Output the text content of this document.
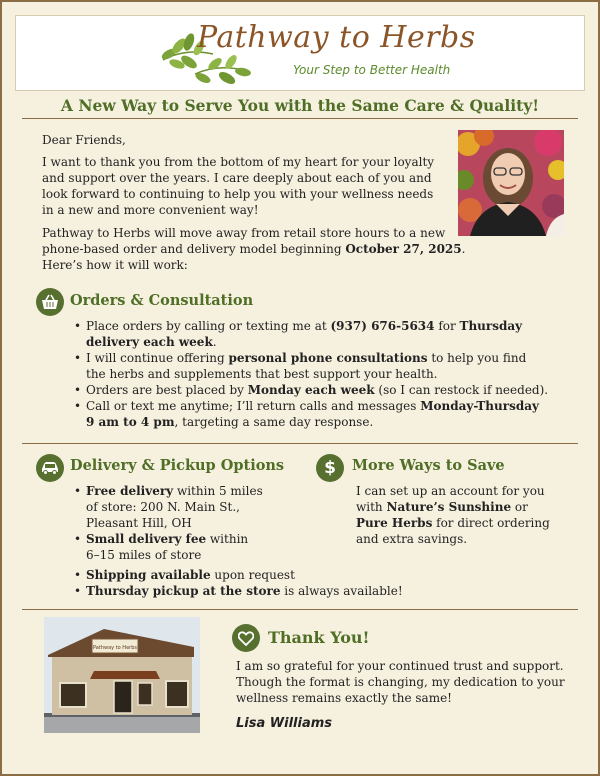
Pathway to Herbs
Your Step to Better Health
A New Way to Serve You with the Same Care & Quality!
Dear Friends,
I want to thank you from the bottom of my heart for your loyalty
and support over the years. I care deeply about each of you and
look forward to continuing to help you with your wellness needs
in a new and more convenient way!
Pathway to Herbs will move away from retail store hours to a new
phone-based order and delivery model beginning October 27, 2025.
Here’s how it will work:
Orders & Consultation
• Place orders by calling or texting me at (937) 676-5634 for Thursday
delivery each week.
• I will continue offering personal phone consultations to help you find
the herbs and supplements that best support your health.
• Orders are best placed by Monday each week (so I can restock if needed).
• Call or text me anytime; I’ll return calls and messages Monday-Thursday
9 am to 4 pm, targeting a same day response.
Delivery & Pickup Options
• Free delivery within 5 miles
of store: 200 N. Main St.,
Pleasant Hill, OH
• Small delivery fee within
6–15 miles of store
• Shipping available upon request
• Thursday pickup at the store is always available!
$	More Ways to Save
I can set up an account for you
with Nature’s Sunshine or
Pure Herbs for direct ordering
and extra savings.
Pathway to Herbs
Thank You!
I am so grateful for your continued trust and support.
Though the format is changing, my dedication to your
wellness remains exactly the same!
Lisa Williams
